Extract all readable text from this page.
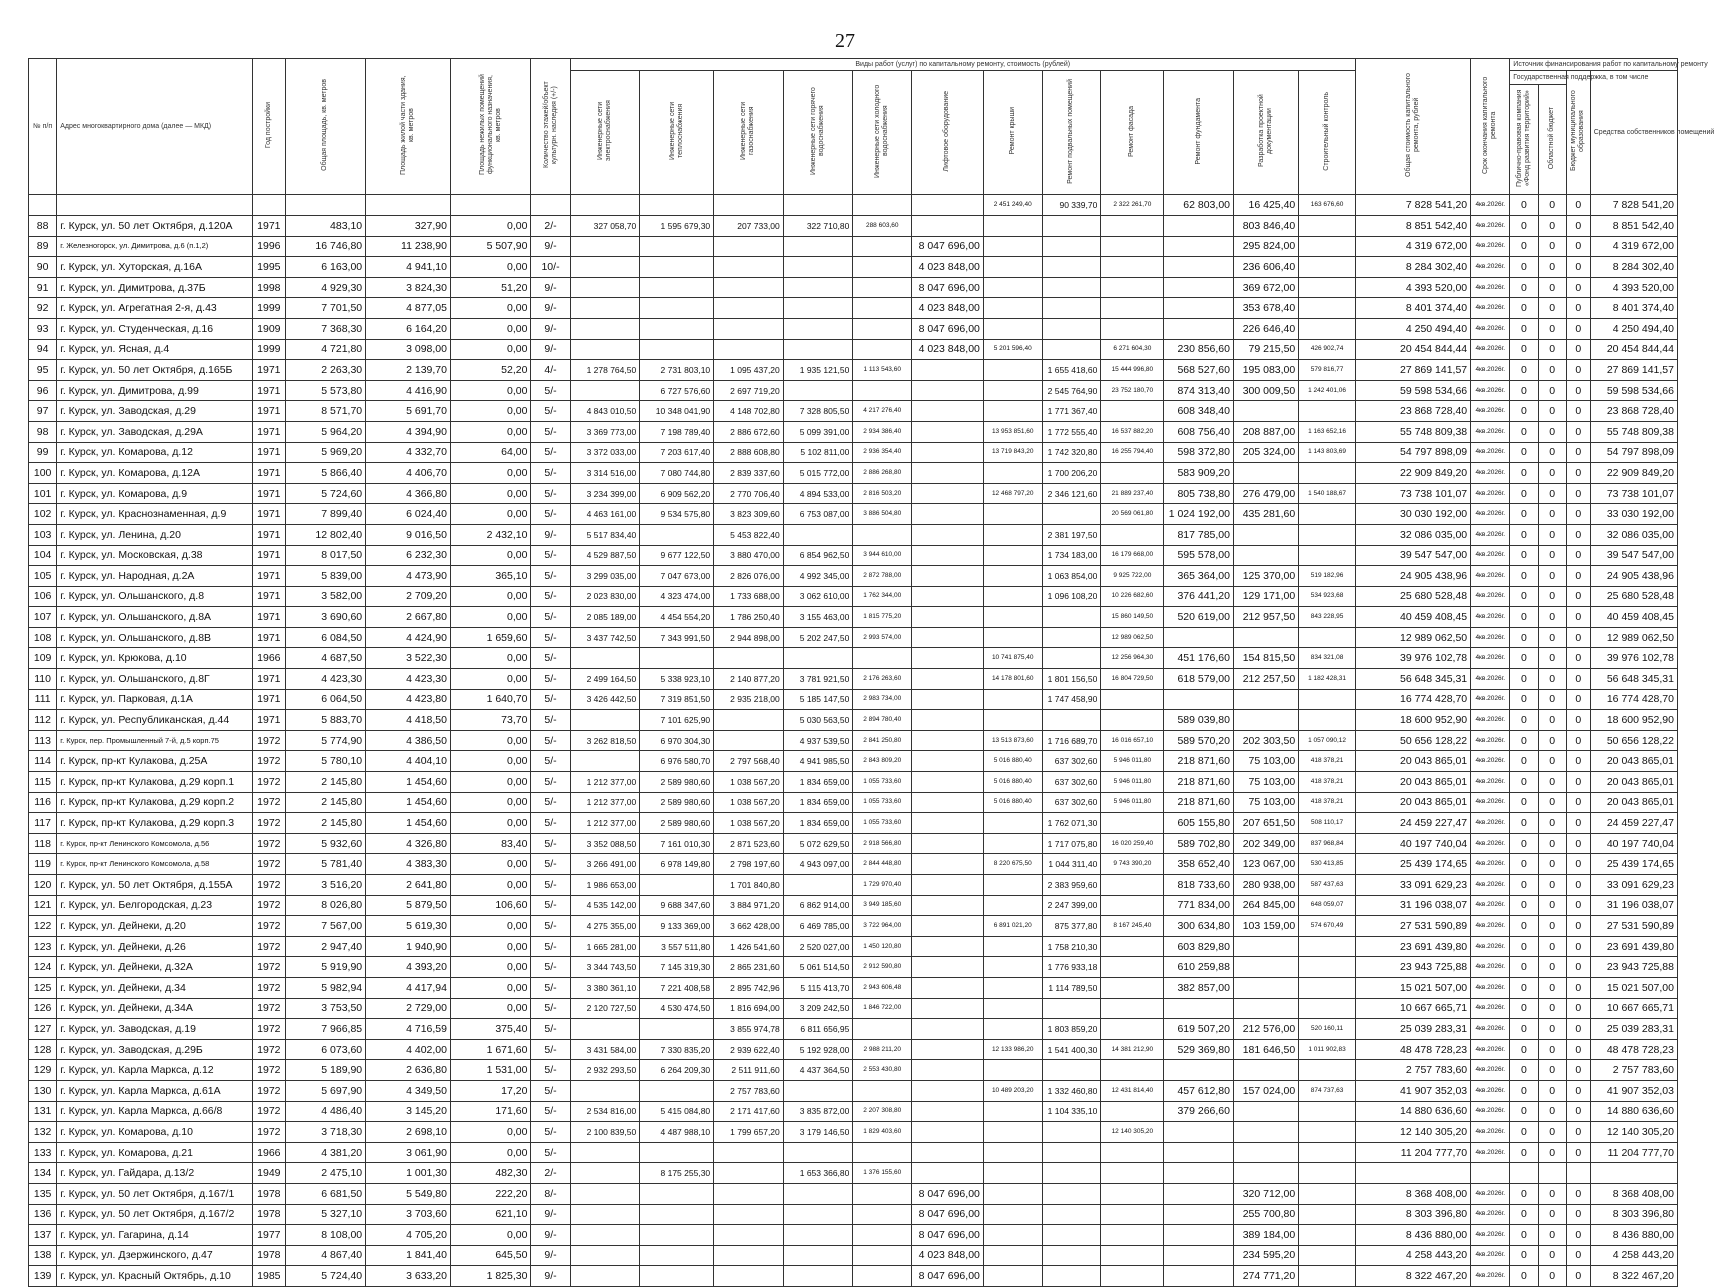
27
№ п/п	Адрес многоквартирного дома (далее — МКД)	Год постройки	Общая площадь, кв. метров	Площадь жилой части здания, кв. метров	Площадь нежилых помещений функционального назначения, кв. метров	Количество этажей/объект культурн. наследия (+/-)	Виды работ (услуг) по капитальному ремонту, стоимость (рублей)												Общая стоимость капитального ремонта, рублей	Срок окончания капитального ремонта	Источник финансирования работ по капитальному ремонту			
							Инженерные сети электроснабжения	Инженерные сети теплоснабжения	Инженерные сети газоснабжения	Инженерные сети горячего водоснабжения	Инженерные сети холодного водоснабжения	Лифтовое оборудование	Ремонт крыши	Ремонт подвальных помещений	Ремонт фасада	Ремонт фундамента	Разработка проектной документации	Строительный контроль			Государственная поддержка, в том числе		Бюджет муниципального образования	Средства собственников помещений
																					Публично-правовая компания «Фонд развития территорий»	Областной бюджет		
													2 451 249,40	90 339,70	2 322 261,70	62 803,00	16 425,40	163 676,60	7 828 541,20	4кв.2026г.	0	0	0	7 828 541,20
88	г. Курск, ул. 50 лет Октября, д.120А	1971	483,10	327,90	0,00	2/-	327 058,70	1 595 679,30	207 733,00	322 710,80	288 603,60						803 846,40		8 851 542,40	4кв.2026г.	0	0	0	8 851 542,40
89	г. Железногорск, ул. Димитрова, д.6 (п.1,2)	1996	16 746,80	11 238,90	5 507,90	9/-						8 047 696,00					295 824,00		4 319 672,00	4кв.2026г.	0	0	0	4 319 672,00
90	г. Курск, ул. Хуторская, д.16А	1995	6 163,00	4 941,10	0,00	10/-						4 023 848,00					236 606,40		8 284 302,40	4кв.2026г.	0	0	0	8 284 302,40
91	г. Курск, ул. Димитрова, д.37Б	1998	4 929,30	3 824,30	51,20	9/-						8 047 696,00					369 672,00		4 393 520,00	4кв.2026г.	0	0	0	4 393 520,00
92	г. Курск, ул. Агрегатная 2-я, д.43	1999	7 701,50	4 877,05	0,00	9/-						4 023 848,00					353 678,40		8 401 374,40	4кв.2026г.	0	0	0	8 401 374,40
93	г. Курск, ул. Студенческая, д.16	1909	7 368,30	6 164,20	0,00	9/-						8 047 696,00					226 646,40		4 250 494,40	4кв.2026г.	0	0	0	4 250 494,40
94	г. Курск, ул. Ясная, д.4	1999	4 721,80	3 098,00	0,00	9/-						4 023 848,00	5 201 596,40		6 271 604,30	230 856,60	79 215,50	426 902,74	20 454 844,44	4кв.2026г.	0	0	0	20 454 844,44
95	г. Курск, ул. 50 лет Октября, д.165Б	1971	2 263,30	2 139,70	52,20	4/-	1 278 764,50	2 731 803,10	1 095 437,20	1 935 121,50	1 113 543,60			1 655 418,60	15 444 996,80	568 527,60	195 083,00	579 816,77	27 869 141,57	4кв.2026г.	0	0	0	27 869 141,57
96	г. Курск, ул. Димитрова, д.99	1971	5 573,80	4 416,90	0,00	5/-		6 727 576,60	2 697 719,20					2 545 764,90	23 752 180,70	874 313,40	300 009,50	1 242 401,06	59 598 534,66	4кв.2026г.	0	0	0	59 598 534,66
97	г. Курск, ул. Заводская, д.29	1971	8 571,70	5 691,70	0,00	5/-	4 843 010,50	10 348 041,90	4 148 702,80	7 328 805,50	4 217 276,40			1 771 367,40		608 348,40			23 868 728,40	4кв.2026г.	0	0	0	23 868 728,40
98	г. Курск, ул. Заводская, д.29А	1971	5 964,20	4 394,90	0,00	5/-	3 369 773,00	7 198 789,40	2 886 672,60	5 099 391,00	2 934 386,40		13 953 851,60	1 772 555,40	16 537 882,20	608 756,40	208 887,00	1 163 652,16	55 748 809,38	4кв.2026г.	0	0	0	55 748 809,38
99	г. Курск, ул. Комарова, д.12	1971	5 969,20	4 332,70	64,00	5/-	3 372 033,00	7 203 617,40	2 888 608,80	5 102 811,00	2 936 354,40		13 719 843,20	1 742 320,80	16 255 794,40	598 372,80	205 324,00	1 143 803,69	54 797 898,09	4кв.2026г.	0	0	0	54 797 898,09
100	г. Курск, ул. Комарова, д.12А	1971	5 866,40	4 406,70	0,00	5/-	3 314 516,00	7 080 744,80	2 839 337,60	5 015 772,00	2 886 268,80			1 700 206,20		583 909,20			22 909 849,20	4кв.2026г.	0	0	0	22 909 849,20
101	г. Курск, ул. Комарова, д.9	1971	5 724,60	4 366,80	0,00	5/-	3 234 399,00	6 909 562,20	2 770 706,40	4 894 533,00	2 816 503,20		12 468 797,20	2 346 121,60	21 889 237,40	805 738,80	276 479,00	1 540 188,67	73 738 101,07	4кв.2026г.	0	0	0	73 738 101,07
102	г. Курск, ул. Краснознаменная, д.9	1971	7 899,40	6 024,40	0,00	5/-	4 463 161,00	9 534 575,80	3 823 309,60	6 753 087,00	3 886 504,80				20 569 061,80	1 024 192,00	435 281,60		30 030 192,00	4кв.2026г.	0	0	0	33 030 192,00
103	г. Курск, ул. Ленина, д.20	1971	12 802,40	9 016,50	2 432,10	9/-	5 517 834,40		5 453 822,40					2 381 197,50		817 785,00			32 086 035,00	4кв.2026г.	0	0	0	32 086 035,00
104	г. Курск, ул. Московская, д.38	1971	8 017,50	6 232,30	0,00	5/-	4 529 887,50	9 677 122,50	3 880 470,00	6 854 962,50	3 944 610,00			1 734 183,00	16 179 668,00	595 578,00			39 547 547,00	4кв.2026г.	0	0	0	39 547 547,00
105	г. Курск, ул. Народная, д.2А	1971	5 839,00	4 473,90	365,10	5/-	3 299 035,00	7 047 673,00	2 826 076,00	4 992 345,00	2 872 788,00			1 063 854,00	9 925 722,00	365 364,00	125 370,00	519 182,96	24 905 438,96	4кв.2026г.	0	0	0	24 905 438,96
106	г. Курск, ул. Ольшанского, д.8	1971	3 582,00	2 709,20	0,00	5/-	2 023 830,00	4 323 474,00	1 733 688,00	3 062 610,00	1 762 344,00			1 096 108,20	10 226 682,60	376 441,20	129 171,00	534 923,68	25 680 528,48	4кв.2026г.	0	0	0	25 680 528,48
107	г. Курск, ул. Ольшанского, д.8А	1971	3 690,60	2 667,80	0,00	5/-	2 085 189,00	4 454 554,20	1 786 250,40	3 155 463,00	1 815 775,20				15 860 149,50	520 619,00	212 957,50	843 228,95	40 459 408,45	4кв.2026г.	0	0	0	40 459 408,45
108	г. Курск, ул. Ольшанского, д.8В	1971	6 084,50	4 424,90	1 659,60	5/-	3 437 742,50	7 343 991,50	2 944 898,00	5 202 247,50	2 993 574,00				12 989 062,50				12 989 062,50	4кв.2026г.	0	0	0	12 989 062,50
109	г. Курск, ул. Крюкова, д.10	1966	4 687,50	3 522,30	0,00	5/-							10 741 875,40		12 256 964,30	451 176,60	154 815,50	834 321,08	39 976 102,78	4кв.2026г.	0	0	0	39 976 102,78
110	г. Курск, ул. Ольшанского, д.8Г	1971	4 423,30	4 423,30	0,00	5/-	2 499 164,50	5 338 923,10	2 140 877,20	3 781 921,50	2 176 263,60		14 178 801,60	1 801 156,50	16 804 729,50	618 579,00	212 257,50	1 182 428,31	56 648 345,31	4кв.2026г.	0	0	0	56 648 345,31
111	г. Курск, ул. Парковая, д.1А	1971	6 064,50	4 423,80	1 640,70	5/-	3 426 442,50	7 319 851,50	2 935 218,00	5 185 147,50	2 983 734,00			1 747 458,90					16 774 428,70	4кв.2026г.	0	0	0	16 774 428,70
112	г. Курск, ул. Республиканская, д.44	1971	5 883,70	4 418,50	73,70	5/-		7 101 625,90		5 030 563,50	2 894 780,40					589 039,80			18 600 952,90	4кв.2026г.	0	0	0	18 600 952,90
113	г. Курск, пер. Промышленный 7-й, д.5 корп.75	1972	5 774,90	4 386,50	0,00	5/-	3 262 818,50	6 970 304,30		4 937 539,50	2 841 250,80		13 513 873,60	1 716 689,70	16 016 657,10	589 570,20	202 303,50	1 057 090,12	50 656 128,22	4кв.2026г.	0	0	0	50 656 128,22
114	г. Курск, пр-кт Кулакова, д.25А	1972	5 780,10	4 404,10	0,00	5/-		6 976 580,70	2 797 568,40	4 941 985,50	2 843 809,20		5 016 880,40	637 302,60	5 946 011,80	218 871,60	75 103,00	418 378,21	20 043 865,01	4кв.2026г.	0	0	0	20 043 865,01
115	г. Курск, пр-кт Кулакова, д.29 корп.1	1972	2 145,80	1 454,60	0,00	5/-	1 212 377,00	2 589 980,60	1 038 567,20	1 834 659,00	1 055 733,60		5 016 880,40	637 302,60	5 946 011,80	218 871,60	75 103,00	418 378,21	20 043 865,01	4кв.2026г.	0	0	0	20 043 865,01
116	г. Курск, пр-кт Кулакова, д.29 корп.2	1972	2 145,80	1 454,60	0,00	5/-	1 212 377,00	2 589 980,60	1 038 567,20	1 834 659,00	1 055 733,60		5 016 880,40	637 302,60	5 946 011,80	218 871,60	75 103,00	418 378,21	20 043 865,01	4кв.2026г.	0	0	0	20 043 865,01
117	г. Курск, пр-кт Кулакова, д.29 корп.3	1972	2 145,80	1 454,60	0,00	5/-	1 212 377,00	2 589 980,60	1 038 567,20	1 834 659,00	1 055 733,60			1 762 071,30		605 155,80	207 651,50	508 110,17	24 459 227,47	4кв.2026г.	0	0	0	24 459 227,47
118	г. Курск, пр-кт Ленинского Комсомола, д.56	1972	5 932,60	4 326,80	83,40	5/-	3 352 088,50	7 161 010,30	2 871 523,60	5 072 629,50	2 918 566,80			1 717 075,80	16 020 259,40	589 702,80	202 349,00	837 968,84	40 197 740,04	4кв.2026г.	0	0	0	40 197 740,04
119	г. Курск, пр-кт Ленинского Комсомола, д.58	1972	5 781,40	4 383,30	0,00	5/-	3 266 491,00	6 978 149,80	2 798 197,60	4 943 097,00	2 844 448,80		8 220 675,50	1 044 311,40	9 743 390,20	358 652,40	123 067,00	530 413,85	25 439 174,65	4кв.2026г.	0	0	0	25 439 174,65
120	г. Курск, ул. 50 лет Октября, д.155А	1972	3 516,20	2 641,80	0,00	5/-	1 986 653,00		1 701 840,80		1 729 970,40			2 383 959,60		818 733,60	280 938,00	587 437,63	33 091 629,23	4кв.2026г.	0	0	0	33 091 629,23
121	г. Курск, ул. Белгородская, д.23	1972	8 026,80	5 879,50	106,60	5/-	4 535 142,00	9 688 347,60	3 884 971,20	6 862 914,00	3 949 185,60			2 247 399,00		771 834,00	264 845,00	648 059,07	31 196 038,07	4кв.2026г.	0	0	0	31 196 038,07
122	г. Курск, ул. Дейнеки, д.20	1972	7 567,00	5 619,30	0,00	5/-	4 275 355,00	9 133 369,00	3 662 428,00	6 469 785,00	3 722 964,00		6 891 021,20	875 377,80	8 167 245,40	300 634,80	103 159,00	574 670,49	27 531 590,89	4кв.2026г.	0	0	0	27 531 590,89
123	г. Курск, ул. Дейнеки, д.26	1972	2 947,40	1 940,90	0,00	5/-	1 665 281,00	3 557 511,80	1 426 541,60	2 520 027,00	1 450 120,80			1 758 210,30		603 829,80			23 691 439,80	4кв.2026г.	0	0	0	23 691 439,80
124	г. Курск, ул. Дейнеки, д.32А	1972	5 919,90	4 393,20	0,00	5/-	3 344 743,50	7 145 319,30	2 865 231,60	5 061 514,50	2 912 590,80			1 776 933,18		610 259,88			23 943 725,88	4кв.2026г.	0	0	0	23 943 725,88
125	г. Курск, ул. Дейнеки, д.34	1972	5 982,94	4 417,94	0,00	5/-	3 380 361,10	7 221 408,58	2 895 742,96	5 115 413,70	2 943 606,48			1 114 789,50		382 857,00			15 021 507,00	4кв.2026г.	0	0	0	15 021 507,00
126	г. Курск, ул. Дейнеки, д.34А	1972	3 753,50	2 729,00	0,00	5/-	2 120 727,50	4 530 474,50	1 816 694,00	3 209 242,50	1 846 722,00								10 667 665,71	4кв.2026г.	0	0	0	10 667 665,71
127	г. Курск, ул. Заводская, д.19	1972	7 966,85	4 716,59	375,40	5/-			3 855 974,78	6 811 656,95				1 803 859,20		619 507,20	212 576,00	520 160,11	25 039 283,31	4кв.2026г.	0	0	0	25 039 283,31
128	г. Курск, ул. Заводская, д.29Б	1972	6 073,60	4 402,00	1 671,60	5/-	3 431 584,00	7 330 835,20	2 939 622,40	5 192 928,00	2 988 211,20		12 133 986,20	1 541 400,30	14 381 212,90	529 369,80	181 646,50	1 011 902,83	48 478 728,23	4кв.2026г.	0	0	0	48 478 728,23
129	г. Курск, ул. Карла Маркса, д.12	1972	5 189,90	2 636,80	1 531,00	5/-	2 932 293,50	6 264 209,30	2 511 911,60	4 437 364,50	2 553 430,80								2 757 783,60	4кв.2026г.	0	0	0	2 757 783,60
130	г. Курск, ул. Карла Маркса, д.61А	1972	5 697,90	4 349,50	17,20	5/-			2 757 783,60				10 489 203,20	1 332 460,80	12 431 814,40	457 612,80	157 024,00	874 737,63	41 907 352,03	4кв.2026г.	0	0	0	41 907 352,03
131	г. Курск, ул. Карла Маркса, д.66/8	1972	4 486,40	3 145,20	171,60	5/-	2 534 816,00	5 415 084,80	2 171 417,60	3 835 872,00	2 207 308,80			1 104 335,10		379 266,60			14 880 636,60	4кв.2026г.	0	0	0	14 880 636,60
132	г. Курск, ул. Комарова, д.10	1972	3 718,30	2 698,10	0,00	5/-	2 100 839,50	4 487 988,10	1 799 657,20	3 179 146,50	1 829 403,60				12 140 305,20				12 140 305,20	4кв.2026г.	0	0	0	12 140 305,20
133	г. Курск, ул. Комарова, д.21	1966	4 381,20	3 061,90	0,00	5/-													11 204 777,70	4кв.2026г.	0	0	0	11 204 777,70
134	г. Курск, ул. Гайдара, д.13/2	1949	2 475,10	1 001,30	482,30	2/-		8 175 255,30		1 653 366,80	1 376 155,60													
135	г. Курск, ул. 50 лет Октября, д.167/1	1978	6 681,50	5 549,80	222,20	8/-						8 047 696,00					320 712,00		8 368 408,00	4кв.2026г.	0	0	0	8 368 408,00
136	г. Курск, ул. 50 лет Октября, д.167/2	1978	5 327,10	3 703,60	621,10	9/-						8 047 696,00					255 700,80		8 303 396,80	4кв.2026г.	0	0	0	8 303 396,80
137	г. Курск, ул. Гагарина, д.14	1977	8 108,00	4 705,20	0,00	9/-						8 047 696,00					389 184,00		8 436 880,00	4кв.2026г.	0	0	0	8 436 880,00
138	г. Курск, ул. Дзержинского, д.47	1978	4 867,40	1 841,40	645,50	9/-						4 023 848,00					234 595,20		4 258 443,20	4кв.2026г.	0	0	0	4 258 443,20
139	г. Курск, ул. Красный Октябрь, д.10	1985	5 724,40	3 633,20	1 825,30	9/-						8 047 696,00					274 771,20		8 322 467,20	4кв.2026г.	0	0	0	8 322 467,20
